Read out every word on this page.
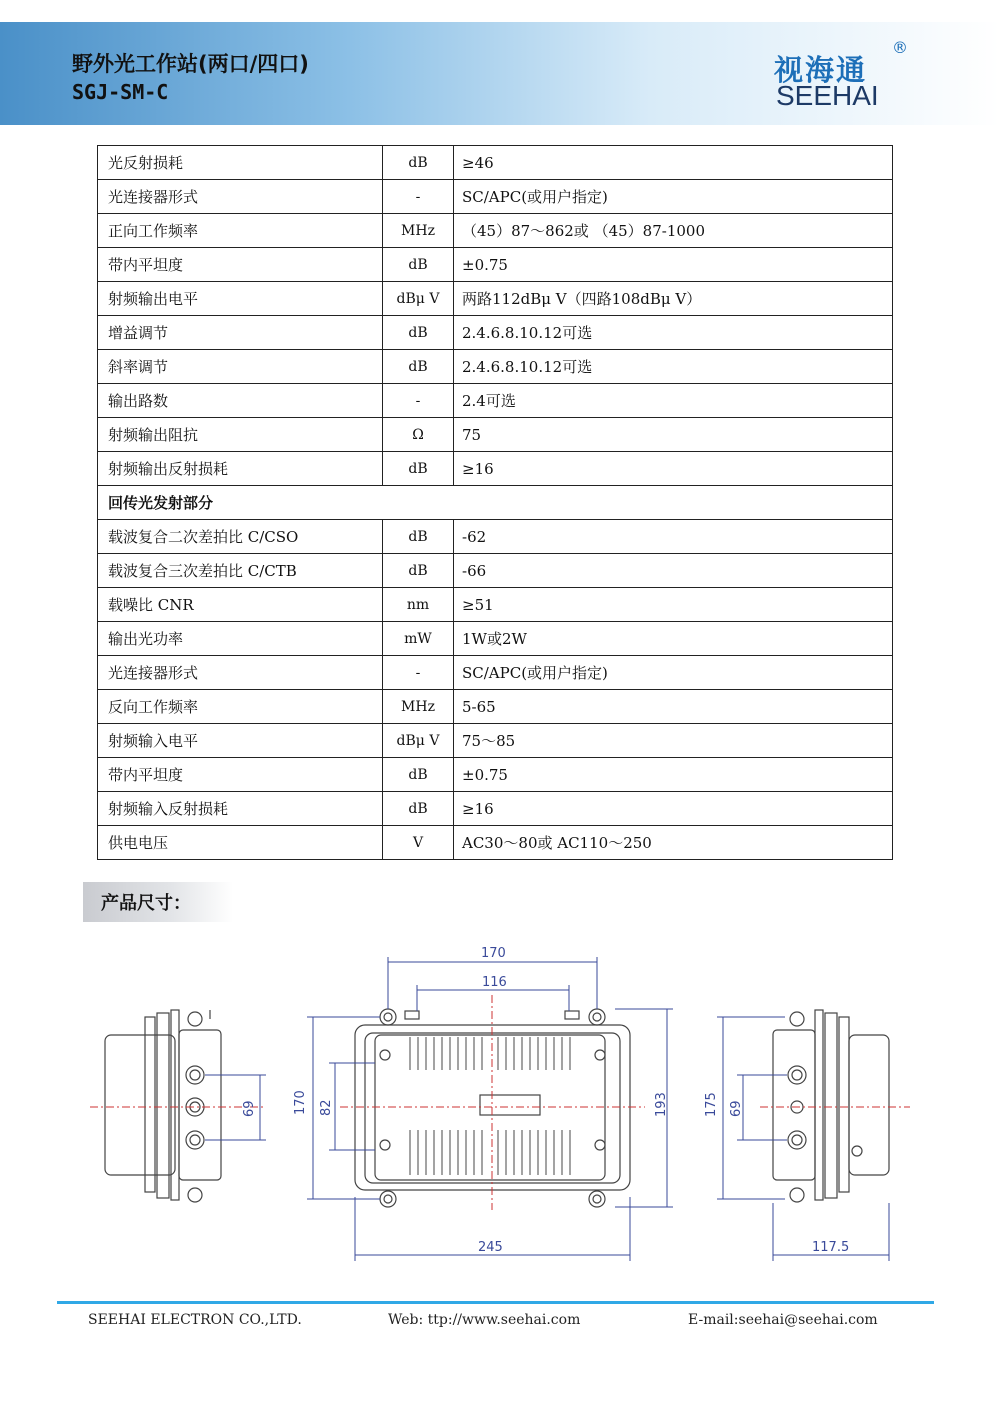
野外光工作站(两口/四口)
SGJ-SM-C
视海通
®
SEEHAI
光反射损耗	dB	≥46
光连接器形式	-	SC/APC(或用户指定)
正向工作频率	MHz	（45）87～862或 （45）87-1000
带内平坦度	dB	±0.75
射频输出电平	dBμ V	两路112dBμ V（四路108dBμ V）
增益调节	dB	2.4.6.8.10.12可选
斜率调节	dB	2.4.6.8.10.12可选
输出路数	-	2.4可选
射频输出阻抗	Ω	75
射频输出反射损耗	dB	≥16
回传光发射部分		
载波复合二次差拍比 C/CSO	dB	-62
载波复合三次差拍比 C/CTB	dB	-66
载噪比 CNR	nm	≥51
输出光功率	mW	1W或2W
光连接器形式	-	SC/APC(或用户指定)
反向工作频率	MHz	5-65
射频输入电平	dBμ V	75～85
带内平坦度	dB	±0.75
射频输入反射损耗	dB	≥16
供电电压	V	AC30～80或 AC110～250
产品尺寸：
170
116
170 82	193
245
69	175 69
117.5
SEEHAI ELECTRON CO.,LTD.	Web: ttp://www.seehai.com	E-mail:seehai@seehai.com
